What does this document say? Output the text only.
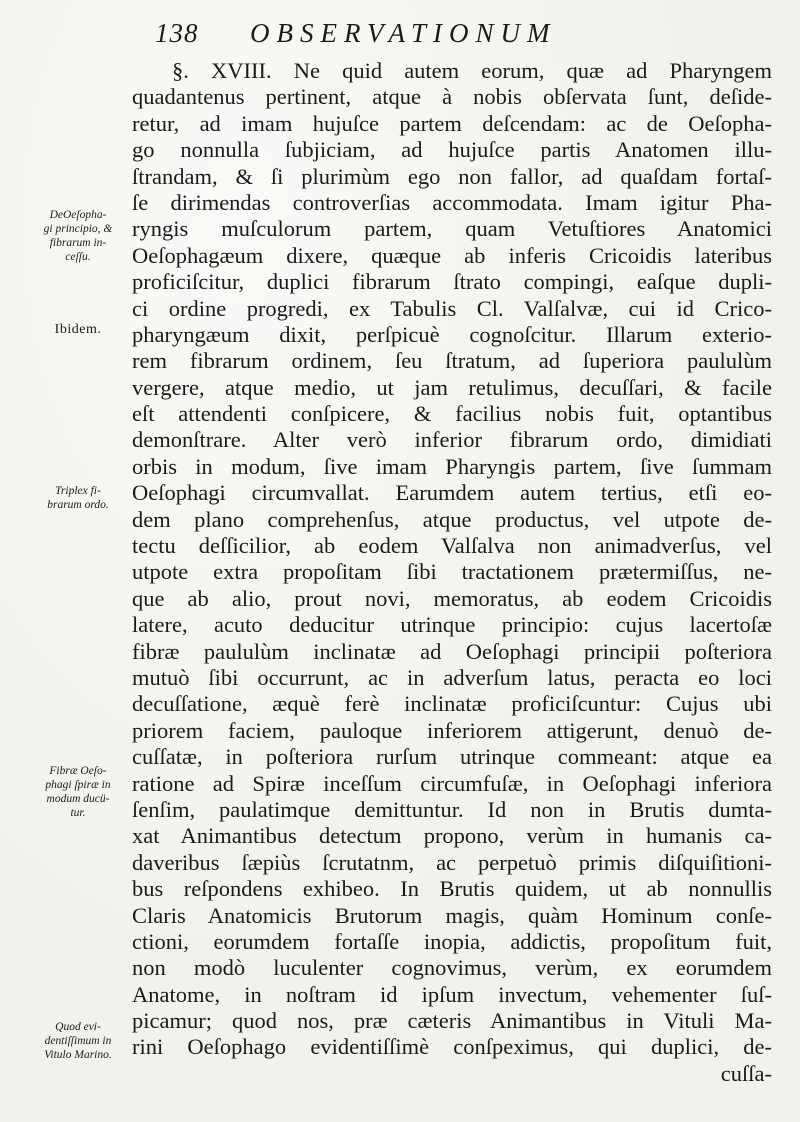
138 OBSERVATIONUM
DeOeſopha-
gi principio, &
fibrarum in-
ceſſu.
Ibidem.
Triplex fi-
brarum ordo.
Fibræ Oeſo-
phagi ſpiræ in
modum ducü-
tur.
Quod evi-
dentiſſimum in
Vitulo Marino.
§. XVIII. Ne quid autem eorum, quæ ad Pharyngem
quadantenus pertinent, atque à nobis obſervata ſunt, deſide-
retur, ad imam hujuſce partem deſcendam: ac de Oeſopha-
go nonnulla ſubjiciam, ad hujuſce partis Anatomen illu-
ſtrandam, & ſi plurimùm ego non fallor, ad quaſdam fortaſ-
ſe dirimendas controverſias accommodata. Imam igitur Pha-
ryngis muſculorum partem, quam Vetuſtiores Anatomici
Oeſophagæum dixere, quæque ab inferis Cricoidis lateribus
proficiſcitur, duplici fibrarum ſtrato compingi, eaſque dupli-
ci ordine progredi, ex Tabulis Cl. Valſalvæ, cui id Crico-
pharyngæum dixit, perſpicuè cognoſcitur. Illarum exterio-
rem fibrarum ordinem, ſeu ſtratum, ad ſuperiora paululùm
vergere, atque medio, ut jam retulimus, decuſſari, & facile
eſt attendenti conſpicere, & facilius nobis fuit, optantibus
demonſtrare. Alter verò inferior fibrarum ordo, dimidiati
orbis in modum, ſive imam Pharyngis partem, ſive ſummam
Oeſophagi circumvallat. Earumdem autem tertius, etſi eo-
dem plano comprehenſus, atque productus, vel utpote de-
tectu deſſicilior, ab eodem Valſalva non animadverſus, vel
utpote extra propoſitam ſibi tractationem prætermiſſus, ne-
que ab alio, prout novi, memoratus, ab eodem Cricoidis
latere, acuto deducitur utrinque principio: cujus lacertoſæ
fibræ paululùm inclinatæ ad Oeſophagi principii poſteriora
mutuò ſibi occurrunt, ac in adverſum latus, peracta eo loci
decuſſatione, æquè ferè inclinatæ proficiſcuntur: Cujus ubi
priorem faciem, pauloque inferiorem attigerunt, denuò de-
cuſſatæ, in poſteriora rurſum utrinque commeant: atque ea
ratione ad Spiræ inceſſum circumfuſæ, in Oeſophagi inferiora
ſenſim, paulatimque demittuntur. Id non in Brutis dumta-
xat Animantibus detectum propono, verùm in humanis ca-
daveribus ſæpiùs ſcrutatnm, ac perpetuò primis diſquiſitioni-
bus reſpondens exhibeo. In Brutis quidem, ut ab nonnullis
Claris Anatomicis Brutorum magis, quàm Hominum conſe-
ctioni, eorumdem fortaſſe inopia, addictis, propoſitum fuit,
non modò luculenter cognovimus, verùm, ex eorumdem
Anatome, in noſtram id ipſum invectum, vehementer ſuſ-
picamur; quod nos, præ cæteris Animantibus in Vituli Ma-
rini Oeſophago evidentiſſimè conſpeximus, qui duplici, de-
cuſſa-
